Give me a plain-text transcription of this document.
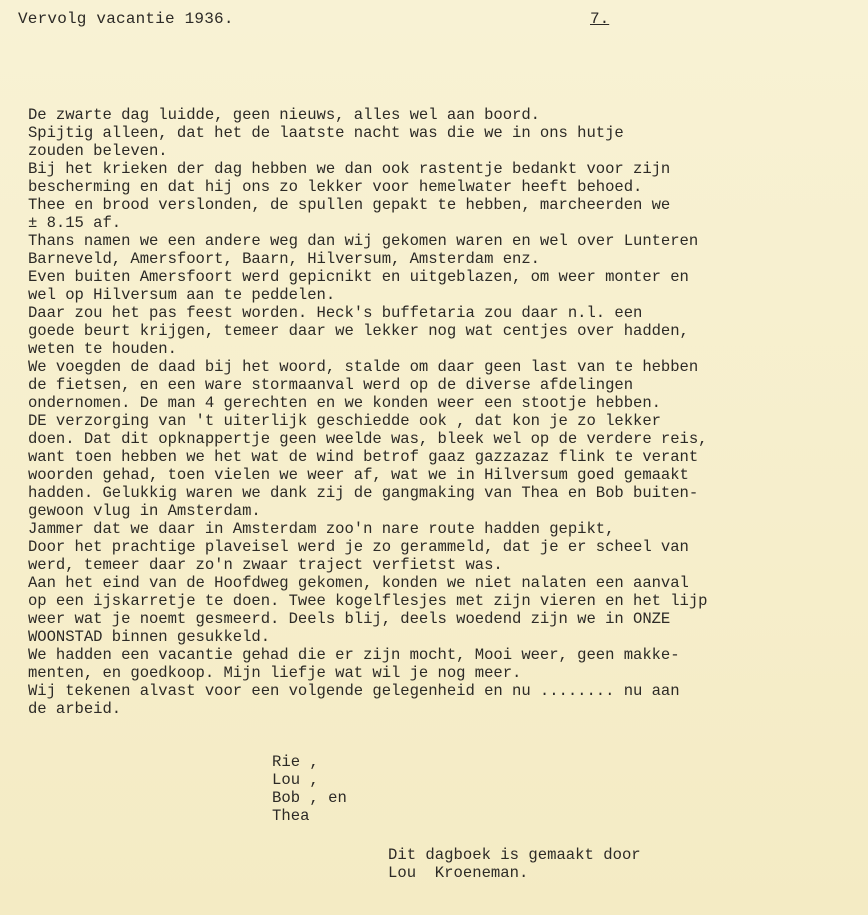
Vervolg vacantie 1936.	7.
De zwarte dag luidde, geen nieuws, alles wel aan boord.
Spijtig alleen, dat het de laatste nacht was die we in ons hutje
zouden beleven.
Bij het krieken der dag hebben we dan ook rastentje bedankt voor zijn
bescherming en dat hij ons zo lekker voor hemelwater heeft behoed.
Thee en brood verslonden, de spullen gepakt te hebben, marcheerden we
± 8.15 af.
Thans namen we een andere weg dan wij gekomen waren en wel over Lunteren
Barneveld, Amersfoort, Baarn, Hilversum, Amsterdam enz.
Even buiten Amersfoort werd gepicnikt en uitgeblazen, om weer monter en
wel op Hilversum aan te peddelen.
Daar zou het pas feest worden. Heck's buffetaria zou daar n.l. een
goede beurt krijgen, temeer daar we lekker nog wat centjes over hadden,
weten te houden.
We voegden de daad bij het woord, stalde om daar geen last van te hebben
de fietsen, en een ware stormaanval werd op de diverse afdelingen
ondernomen. De man 4 gerechten en we konden weer een stootje hebben.
DE verzorging van 't uiterlijk geschiedde ook , dat kon je zo lekker
doen. Dat dit opknappertje geen weelde was, bleek wel op de verdere reis,
want toen hebben we het wat de wind betrof gaaz gazzazaz flink te verant
woorden gehad, toen vielen we weer af, wat we in Hilversum goed gemaakt
hadden. Gelukkig waren we dank zij de gangmaking van Thea en Bob buiten-
gewoon vlug in Amsterdam.
Jammer dat we daar in Amsterdam zoo'n nare route hadden gepikt,
Door het prachtige plaveisel werd je zo gerammeld, dat je er scheel van
werd, temeer daar zo'n zwaar traject verfietst was.
Aan het eind van de Hoofdweg gekomen, konden we niet nalaten een aanval
op een ijskarretje te doen. Twee kogelflesjes met zijn vieren en het lijp
weer wat je noemt gesmeerd. Deels blij, deels woedend zijn we in ONZE
WOONSTAD binnen gesukkeld.
We hadden een vacantie gehad die er zijn mocht, Mooi weer, geen makke-
menten, en goedkoop. Mijn liefje wat wil je nog meer.
Wij tekenen alvast voor een volgende gelegenheid en nu ........ nu aan
de arbeid.
Rie ,
Lou ,
Bob , en
Thea
Dit dagboek is gemaakt door
Lou  Kroeneman.
